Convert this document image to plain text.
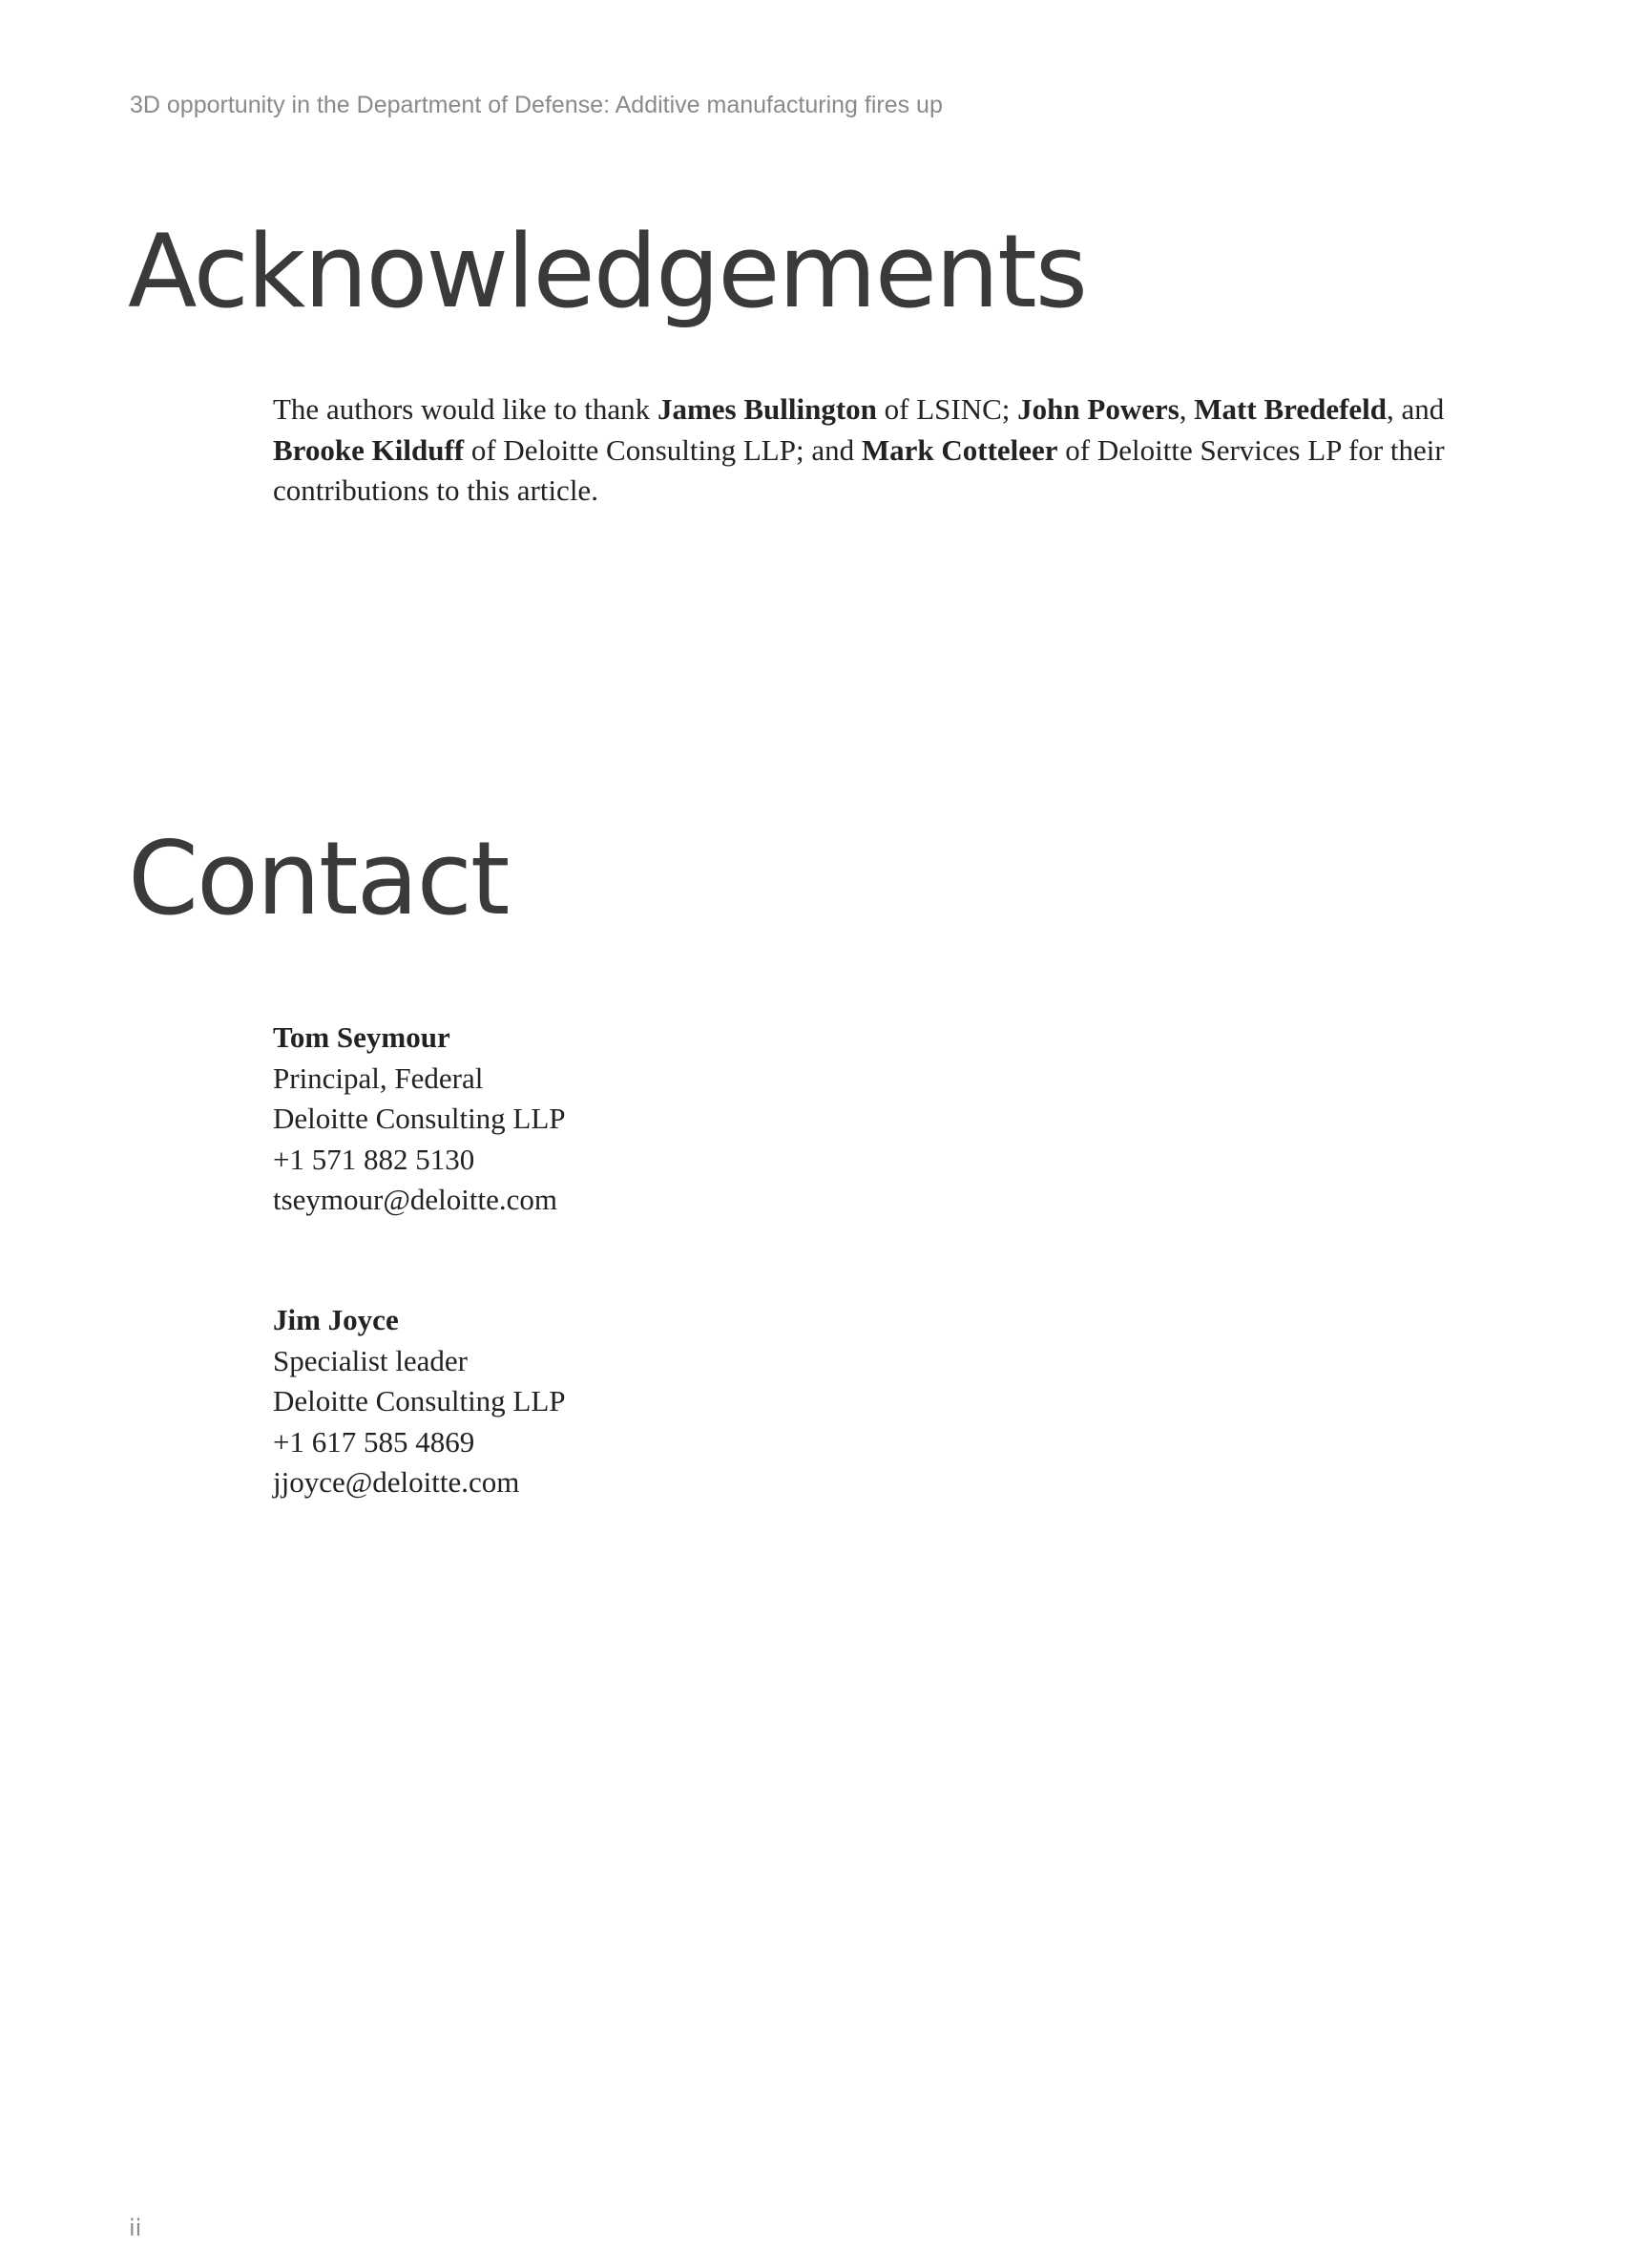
3D opportunity in the Department of Defense: Additive manufacturing fires up
Acknowledgements

The authors would like to thank James Bullington of LSINC; John Powers, Matt Bredefeld, and
Brooke Kilduff of Deloitte Consulting LLP; and Mark Cotteleer of Deloitte Services LP for their contributions to this article.

Contact
Tom Seymour
Principal, Federal
Deloitte Consulting LLP
+1 571 882 5130
tseymour@deloitte.com
Jim Joyce
Specialist leader
Deloitte Consulting LLP
+1 617 585 4869
jjoyce@deloitte.com
ii
